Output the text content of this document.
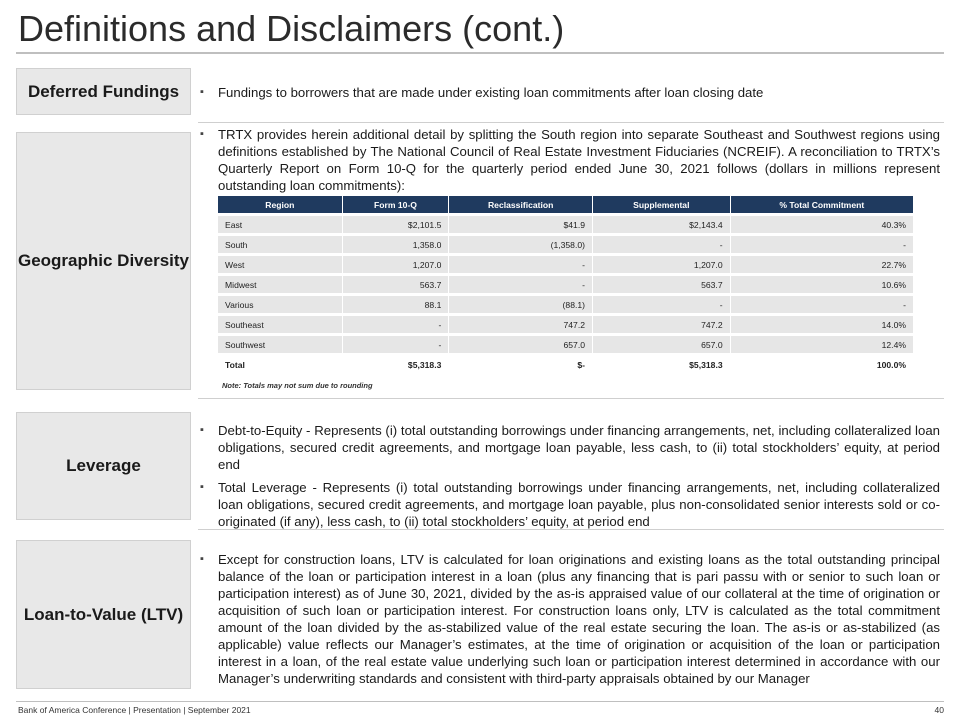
Definitions and Disclaimers (cont.)
Deferred Fundings	▪ Fundings to borrowers that are made under existing loan commitments after loan closing date
Geographic Diversity
▪ TRTX provides herein additional detail by splitting the South region into separate Southeast and Southwest regions using definitions established by The National Council of Real Estate Investment Fiduciaries (NCREIF). A reconciliation to TRTX’s Quarterly Report on Form 10-Q for the quarterly period ended June 30, 2021 follows (dollars in millions represent outstanding loan commitments):
Region	Form 10-Q	Reclassification	Supplemental	% Total Commitment
East	$2,101.5	$41.9	$2,143.4	40.3%
South	1,358.0	(1,358.0)	-	-
West	1,207.0	-	1,207.0	22.7%
Midwest	563.7	-	563.7	10.6%
Various	88.1	(88.1)	-	-
Southeast	-	747.2	747.2	14.0%
Southwest	-	657.0	657.0	12.4%
Total	$5,318.3	$-	$5,318.3	100.0%
Note: Totals may not sum due to rounding
Leverage
▪ Debt-to-Equity - Represents (i) total outstanding borrowings under financing arrangements, net, including collateralized loan obligations, secured credit agreements, and mortgage loan payable, less cash, to (ii) total stockholders’ equity, at period end
▪ Total Leverage - Represents (i) total outstanding borrowings under financing arrangements, net, including collateralized loan obligations, secured credit agreements, and mortgage loan payable, plus non-consolidated senior interests sold or co-originated (if any), less cash, to (ii) total stockholders’ equity, at period end
Loan-to-Value (LTV)
▪ Except for construction loans, LTV is calculated for loan originations and existing loans as the total outstanding principal balance of the loan or participation interest in a loan (plus any financing that is pari passu with or senior to such loan or participation interest) as of June 30, 2021, divided by the as-is appraised value of our collateral at the time of origination or acquisition of such loan or participation interest. For construction loans only, LTV is calculated as the total commitment amount of the loan divided by the as-stabilized value of the real estate securing the loan. The as-is or as-stabilized (as applicable) value reflects our Manager’s estimates, at the time of origination or acquisition of the loan or participation interest in a loan, of the real estate value underlying such loan or participation interest determined in accordance with our Manager’s underwriting standards and consistent with third-party appraisals obtained by our Manager
Bank of America Conference | Presentation | September 2021	40
